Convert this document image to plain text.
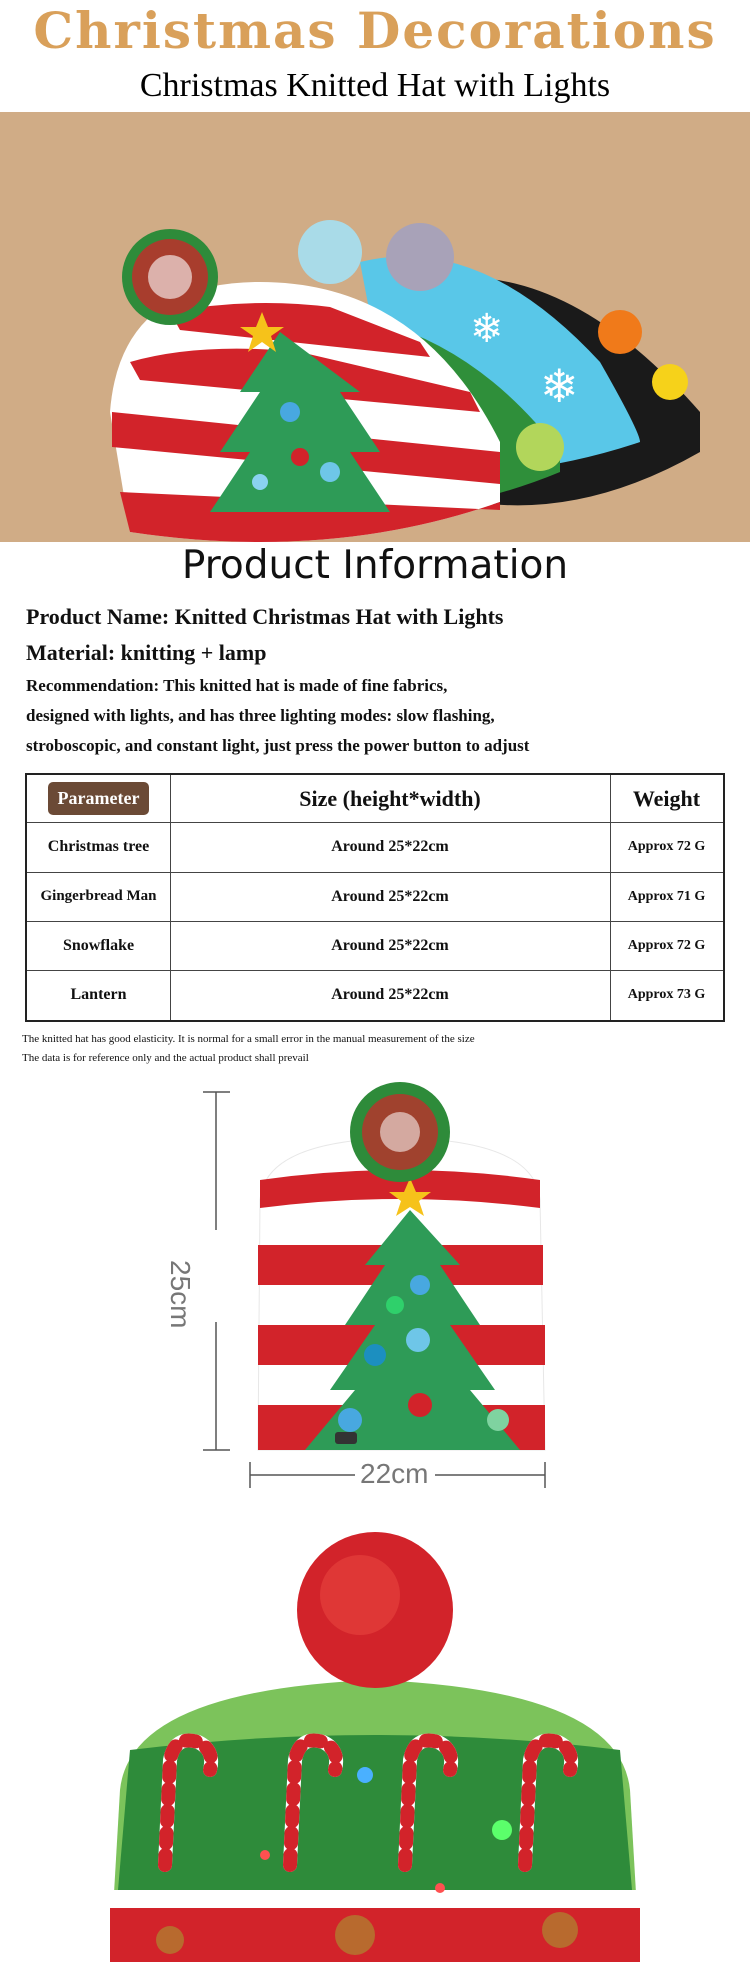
Christmas Decorations
Christmas Knitted Hat with Lights
❄
❄
Product Information
Product Name: Knitted Christmas Hat with Lights
Material: knitting + lamp
Recommendation: This knitted hat is made of fine fabrics,
designed with lights, and has three lighting modes: slow flashing,
stroboscopic, and constant light, just press the power button to adjust
Parameter	Size (height*width)	Weight
Christmas tree	Around 25*22cm	Approx 72 G
Gingerbread Man	Around 25*22cm	Approx 71 G
Snowflake	Around 25*22cm	Approx 72 G
Lantern	Around 25*22cm	Approx 73 G
The knitted hat has good elasticity. It is normal for a small error in the manual measurement of the size
The data is for reference only and the actual product shall prevail
25cm
22cm
